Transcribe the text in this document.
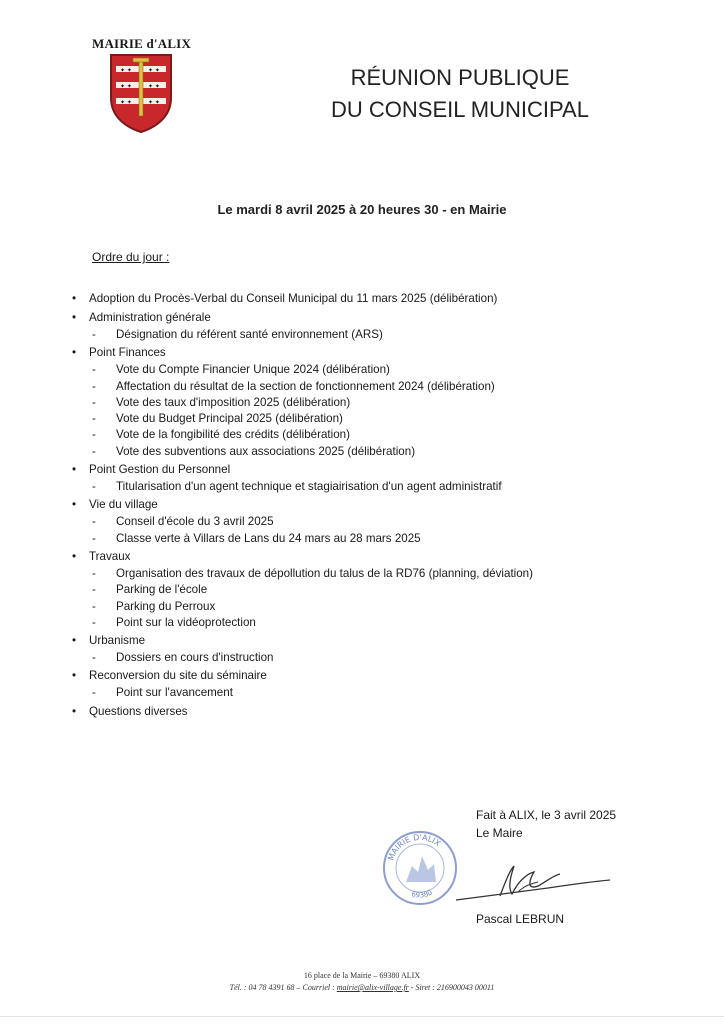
MAIRIE d'ALIX
✦ ✦	✦ ✦
✦ ✦	✦ ✦
✦ ✦	✦ ✦
RÉUNION PUBLIQUE
DU CONSEIL MUNICIPAL
Le mardi 8 avril 2025 à 20 heures 30 - en Mairie
Ordre du jour :
•	Adoption du Procès-Verbal du Conseil Municipal du 11 mars 2025 (délibération)
•	Administration générale
- Désignation du référent santé environnement (ARS)
•	Point Finances
- Vote du Compte Financier Unique 2024 (délibération)
- Affectation du résultat de la section de fonctionnement 2024 (délibération)
- Vote des taux d'imposition 2025 (délibération)
- Vote du Budget Principal 2025 (délibération)
- Vote de la fongibilité des crédits (délibération)
- Vote des subventions aux associations 2025 (délibération)
•	Point Gestion du Personnel
- Titularisation d'un agent technique et stagiairisation d'un agent administratif
•	Vie du village
- Conseil d'école du 3 avril 2025
- Classe verte à Villars de Lans du 24 mars au 28 mars 2025
•	Travaux
- Organisation des travaux de dépollution du talus de la RD76 (planning, déviation)
- Parking de l'école
- Parking du Perroux
- Point sur la vidéoprotection
•	Urbanisme
- Dossiers en cours d'instruction
•	Reconversion du site du séminaire
- Point sur l'avancement
•	Questions diverses
Fait à ALIX, le 3 avril 2025
Le Maire
MAIRIE D'ALIX
69380
Pascal LEBRUN
16 place de la Mairie – 69380 ALIX
Tél. : 04 78 4391 68 – Courriel : mairie@alix-village.fr - Siret : 216900043 00011
